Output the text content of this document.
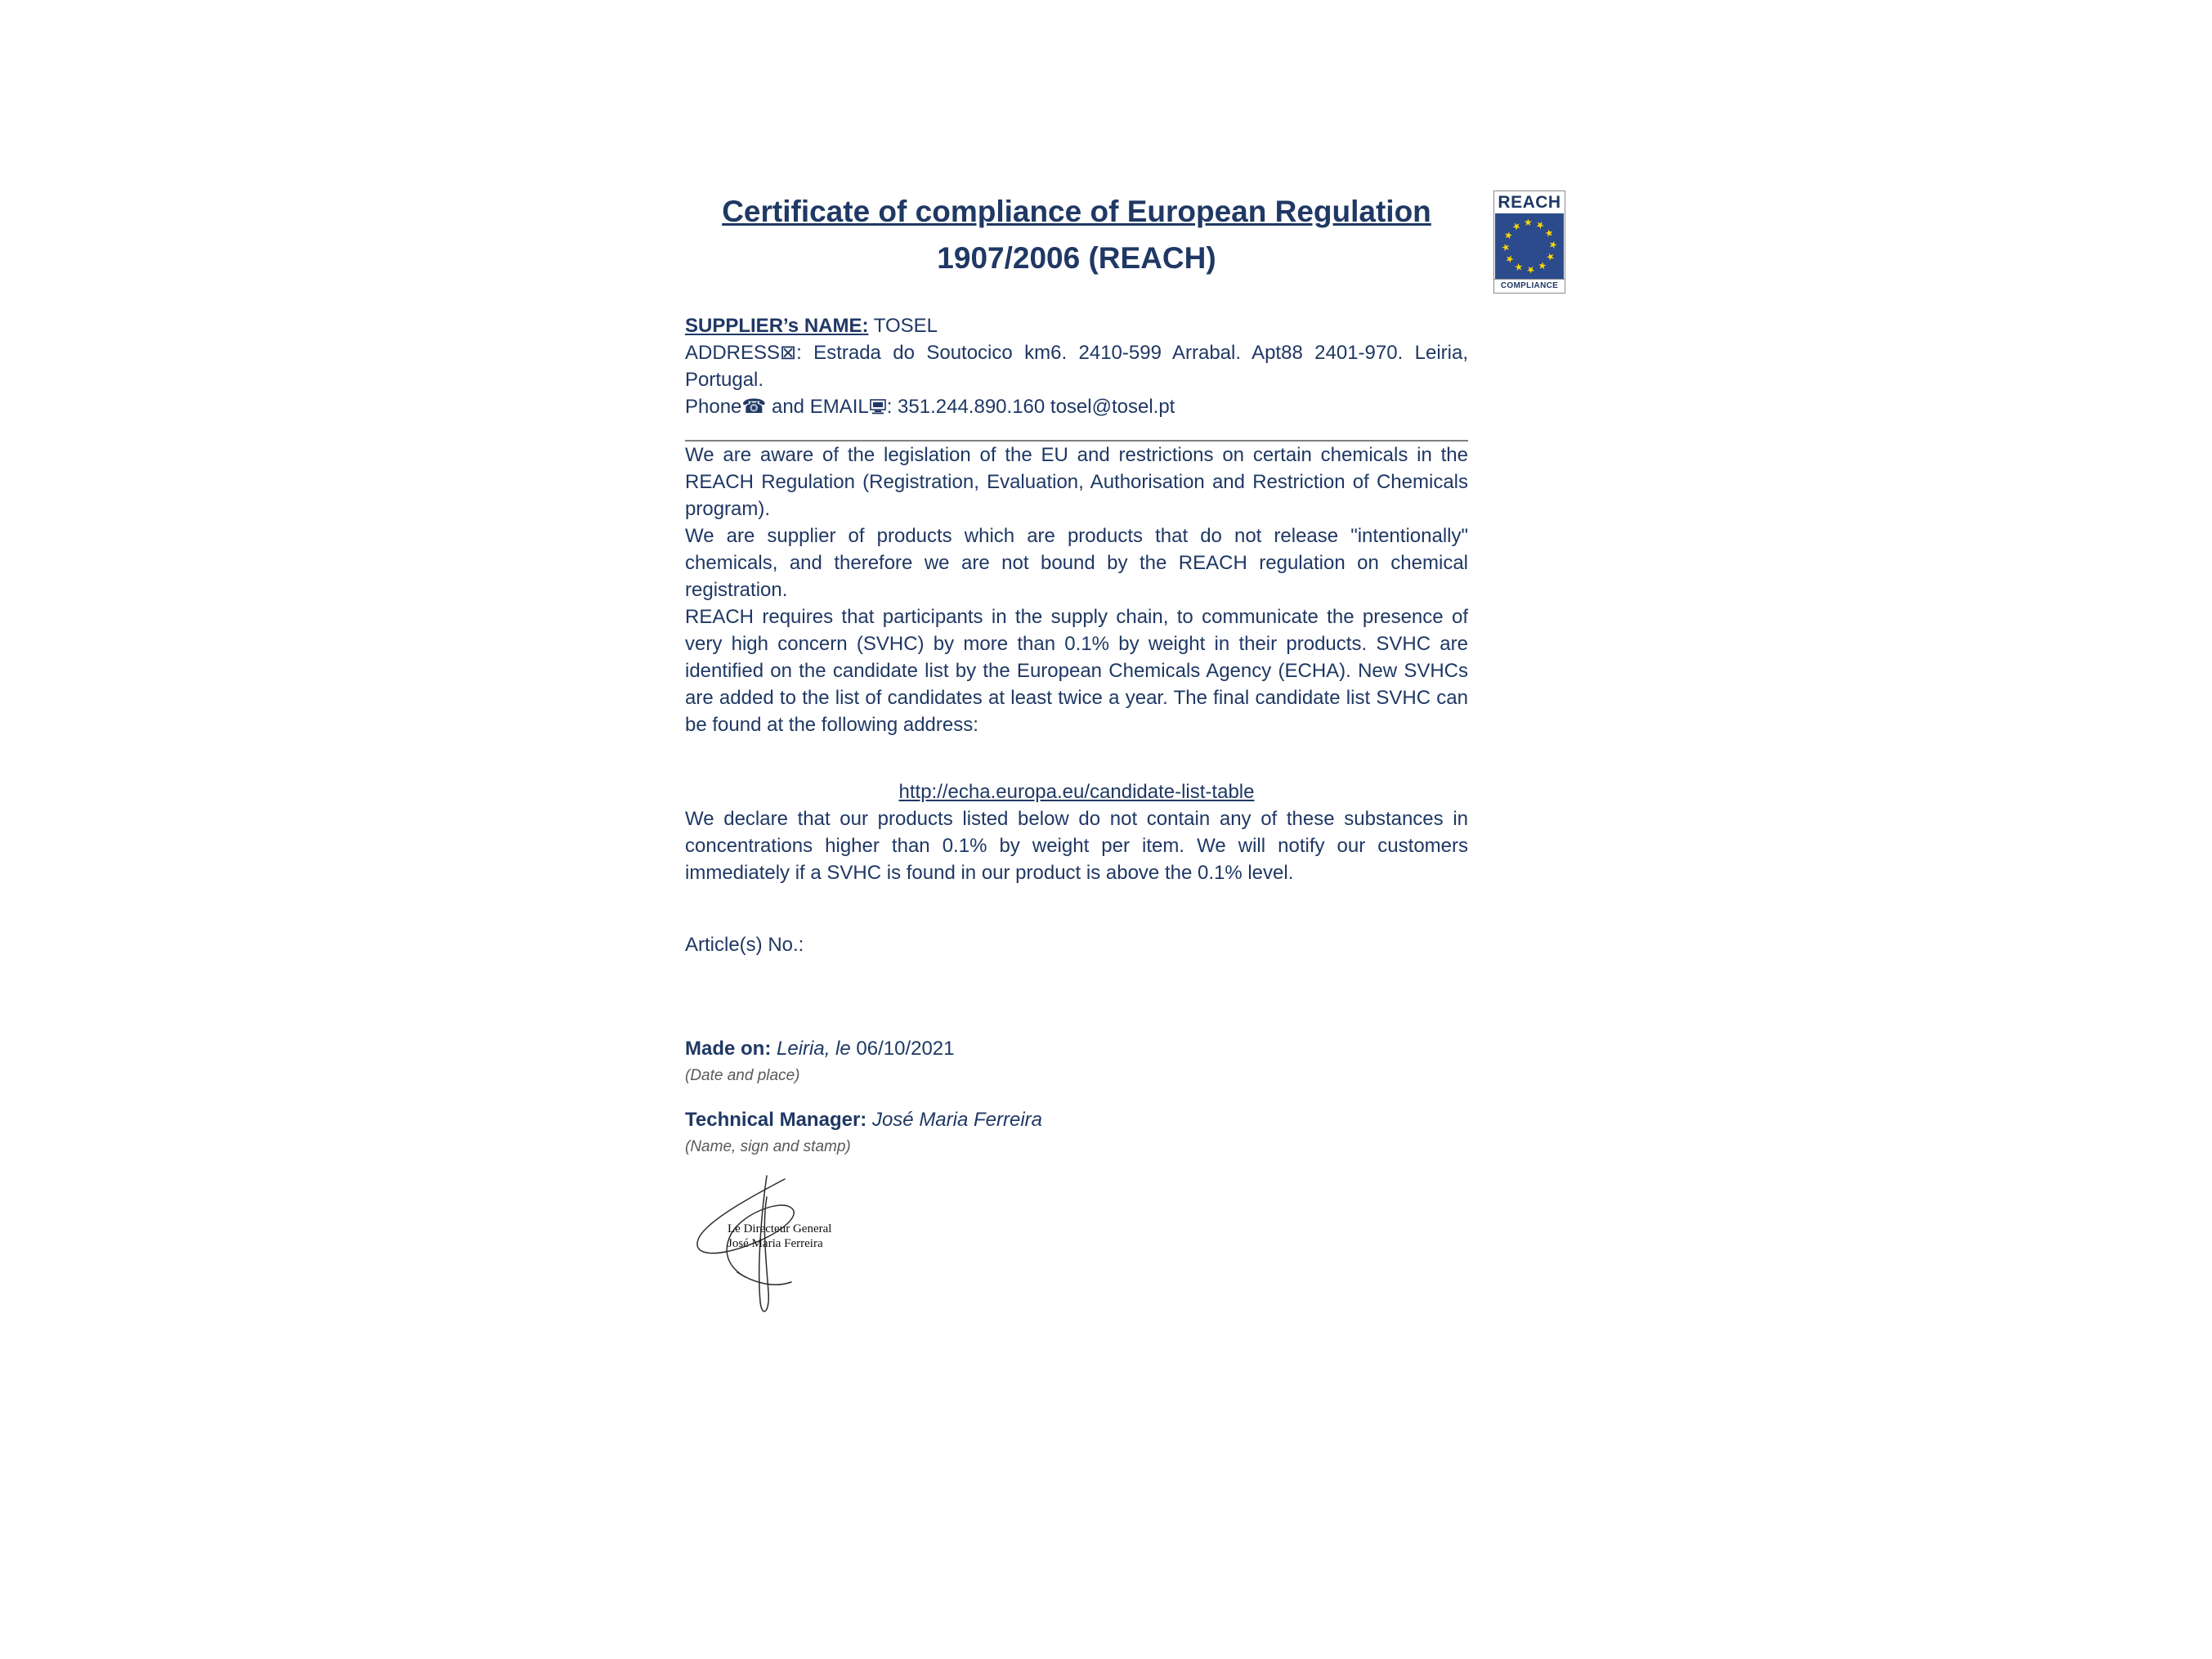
REACH
★ ★
★
★
★
★
★
★
★
★
★
★
COMPLIANCE
Certificate of compliance of European Regulation
1907/2006 (REACH)
SUPPLIER’s NAME: TOSEL
ADDRESS⊠: Estrada do Soutocico km6. 2410-599 Arrabal. Apt88 2401-970. Leiria, Portugal.
Phone☎ and EMAIL : 351.244.890.160 tosel@tosel.pt

We are aware of the legislation of the EU and restrictions on certain chemicals in the REACH Regulation (Registration, Evaluation, Authorisation and Restriction of Chemicals program).

We are supplier of products which are products that do not release "intentionally" chemicals, and therefore we are not bound by the REACH regulation on chemical registration.

REACH requires that participants in the supply chain, to communicate the presence of very high concern (SVHC) by more than 0.1% by weight in their products. SVHC are identified on the candidate list by the European Chemicals Agency (ECHA). New SVHCs are added to the list of candidates at least twice a year. The final candidate list SVHC can be found at the following address:

http://echa.europa.eu/candidate-list-table

We declare that our products listed below do not contain any of these substances in concentrations higher than 0.1% by weight per item. We will notify our customers immediately if a SVHC is found in our product is above the 0.1% level.

Article(s) No.:
Made on: Leiria, le 06/10/2021
(Date and place)
Technical Manager: José Maria Ferreira
(Name, sign and stamp)
Le Directeur General
José Maria Ferreira
